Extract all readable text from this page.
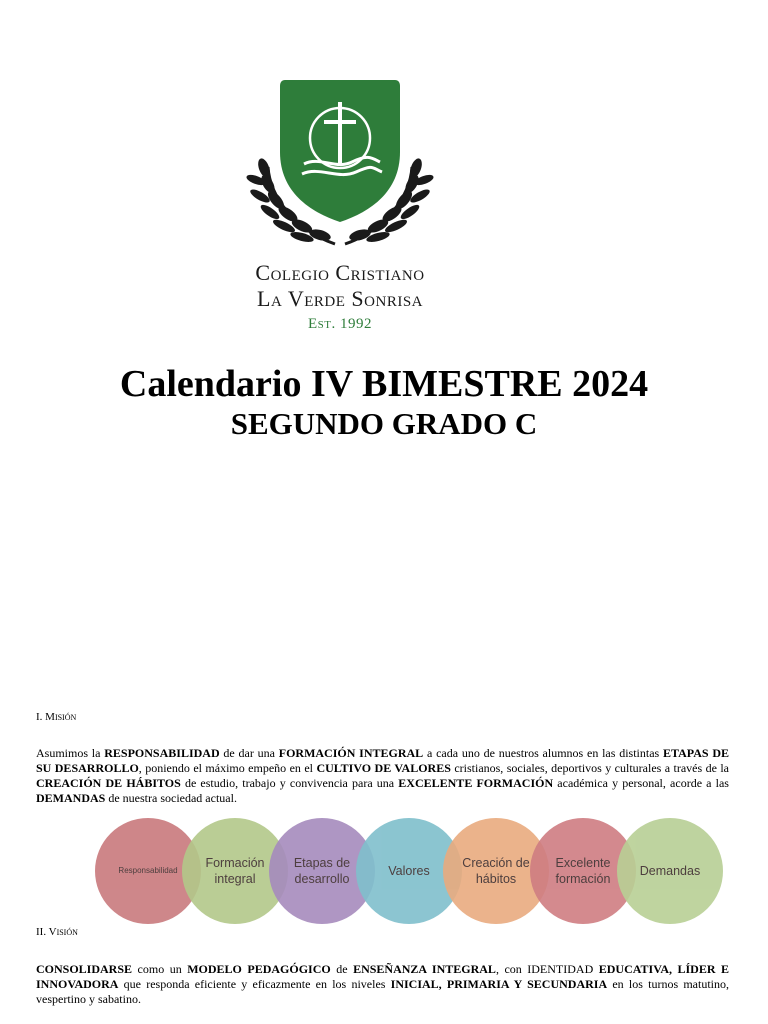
Colegio Cristiano
La Verde Sonrisa
Est. 1992
Calendario IV BIMESTRE 2024
SEGUNDO GRADO C
I. Misión
Asumimos la RESPONSABILIDAD de dar una FORMACIÓN INTEGRAL a cada uno de nuestros alumnos en las distintas ETAPAS DE SU DESARROLLO, poniendo el máximo empeño en el CULTIVO DE VALORES cristianos, sociales, deportivos y culturales a través de la CREACIÓN DE HÁBITOS de estudio, trabajo y convivencia para una EXCELENTE FORMACIÓN académica y personal, acorde a las DEMANDAS de nuestra sociedad actual.
Responsabilidad
Formación integral
Etapas de desarrollo
Valores
Creación de hábitos
Excelente formación
Demandas
II. Visión
CONSOLIDARSE como un MODELO PEDAGÓGICO de ENSEÑANZA INTEGRAL, con IDENTIDAD EDUCATIVA, LÍDER E INNOVADORA que responda eficiente y eficazmente en los niveles INICIAL, PRIMARIA Y SECUNDARIA en los turnos matutino, vespertino y sabatino.
